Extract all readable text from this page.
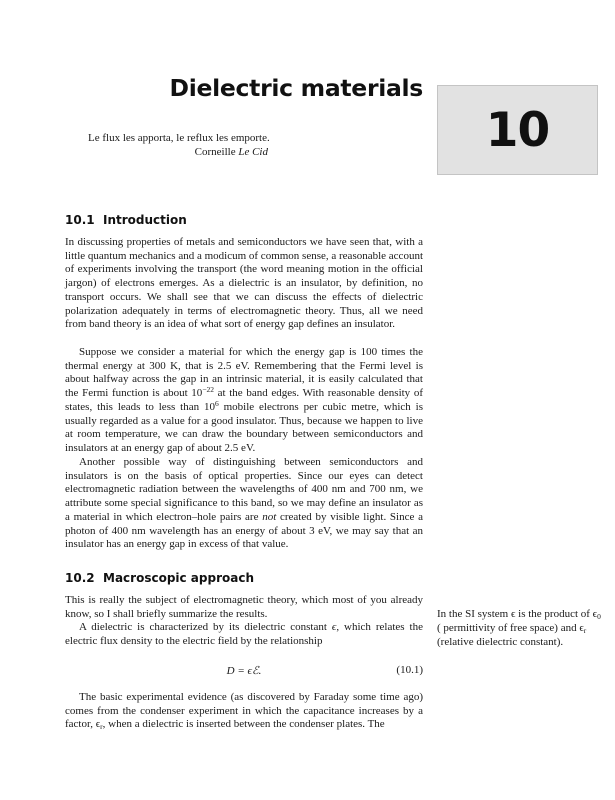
Dielectric materials
10
Le flux les apporta, le reflux les emporte.
Corneille Le Cid
10.1 Introduction

In discussing properties of metals and semiconductors we have seen that, with a little quantum mechanics and a modicum of common sense, a reasonable account of experiments involving the transport (the word meaning motion in the official jargon) of electrons emerges. As a dielectric is an insulator, by definition, no transport occurs. We shall see that we can discuss the effects of dielectric polarization adequately in terms of electromagnetic theory. Thus, all we need from band theory is an idea of what sort of energy gap defines an insulator.

Suppose we consider a material for which the energy gap is 100 times the thermal energy at 300 K, that is 2.5 eV. Remembering that the Fermi level is about halfway across the gap in an intrinsic material, it is easily calculated that the Fermi function is about $10^{-22}$ at the band edges. With reasonable density of states, this leads to less than $10^6$ mobile electrons per cubic metre, which is usually regarded as a value for a good insulator. Thus, because we happen to live at room temperature, we can draw the boundary between semiconductors and insulators at an energy gap of about 2.5 eV.

Another possible way of distinguishing between semiconductors and insulators is on the basis of optical properties. Since our eyes can detect electromagnetic radiation between the wavelengths of 400 nm and 700 nm, we attribute some special significance to this band, so we may define an insulator as a material in which electron–hole pairs are not created by visible light. Since a photon of 400 nm wavelength has an energy of about 3 eV, we may say that an insulator has an energy gap in excess of that value.

10.2 Macroscopic approach

This is really the subject of electromagnetic theory, which most of you already know, so I shall briefly summarize the results.

A dielectric is characterized by its dielectric constant ϵ, which relates the electric flux density to the electric field by the relationship

D = ϵℰ.	(10.1)

The basic experimental evidence (as discovered by Faraday some time ago) comes from the condenser experiment in which the capacitance increases by a factor, $\epsilon_r$, when a dielectric is inserted between the condenser plates. The

In the SI system ϵ is the product of $\epsilon_0$ ( permittivity of free space) and $\epsilon_r$ (relative dielectric constant).
